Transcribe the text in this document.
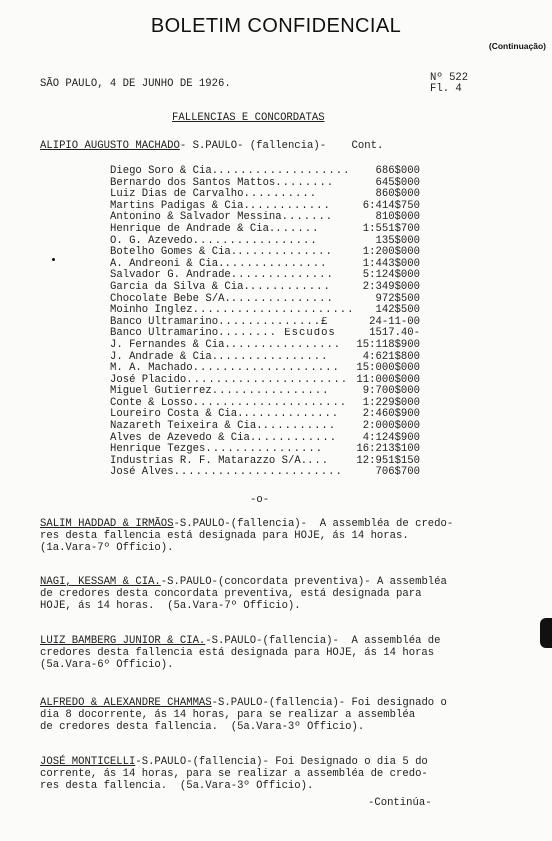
BOLETIM CONFIDENCIAL
(Continuação)
SÃO PAULO, 4 DE JUNHO DE 1926.	Nº 522
Fl. 4
FALLENCIAS E CONCORDATAS
ALIPIO AUGUSTO MACHADO- S.PAULO- (fallencia)- Cont.
Diego Soro & Cia. ..................	686$000
Bernardo dos Santos Mattos ........	645$000
Luiz Dias de Carvalho ..........	860$000
Martins Padigas & Cia. ...........	6:414$750
Antonino & Salvador Messina .......	810$000
Henrique de Andrade & Cia. ......	1:551$700
O. G. Azevedo .................	135$000
Botelho Gomes & Cia. .............	1:200$000
A. Andreoni & Cia. ..............	1:443$000
Salvador G. Andrade ..............	5:124$000
Garcia da Silva & Cia. ...........	2:349$000
Chocolate Bebe S/A. ..............	972$500
Moinho Inglez ......................	142$500
Banco Ultramarino ..............£	24-11-00
Banco Ultramarino ........ Escudos	1517.40-
J. Fernandes & Cia. ...............	15:118$900
J. Andrade & Cia. ...............	4:621$800
M. A. Machado ....................	15:000$000
José Placido ...................... 11:000$000
Miguel Gutierrez ................	9:700$000
Conte & Losso .....................	1:229$000
Loureiro Costa & Cia. .............	2:460$900
Nazareth Teixeira & Cia. ..........	2:000$000
Alves de Azevedo & Cia. ...........	4:124$900
Henrique Tezges ................	16:213$100
Industrias R. F. Matarazzo S/A. ...	12:951$150
José Alves .......................	706$700
-o-
SALIM HADDAD & IRMÃOS-S.PAULO-(fallencia)-  A assembléa de credo-
res desta fallencia está designada para HOJE, ás 14 horas.
(1a.Vara-7º Officio).
NAGI, KESSAM & CIA.-S.PAULO-(concordata preventiva)- A assembléa
de credores desta concordata preventiva, está designada para
HOJE, ás 14 horas.  (5a.Vara-7º Officio).
LUIZ BAMBERG JUNIOR & CIA.-S.PAULO-(fallencia)-  A assembléa de
credores desta fallencia está designada para HOJE, ás 14 horas
(5a.Vara-6º Officio).
ALFREDO & ALEXANDRE CHAMMAS-S.PAULO-(fallencia)- Foi designado o
dia 8 docorrente, ás 14 horas, para se realizar a assembléa
de credores desta fallencia.  (5a.Vara-3º Officio).
JOSÉ MONTICELLI-S.PAULO-(fallencia)- Foi Designado o dia 5 do
corrente, ás 14 horas, para se realizar a assembléa de credo-
res desta fallencia.  (5a.Vara-3º Officio).
-Continúa-
